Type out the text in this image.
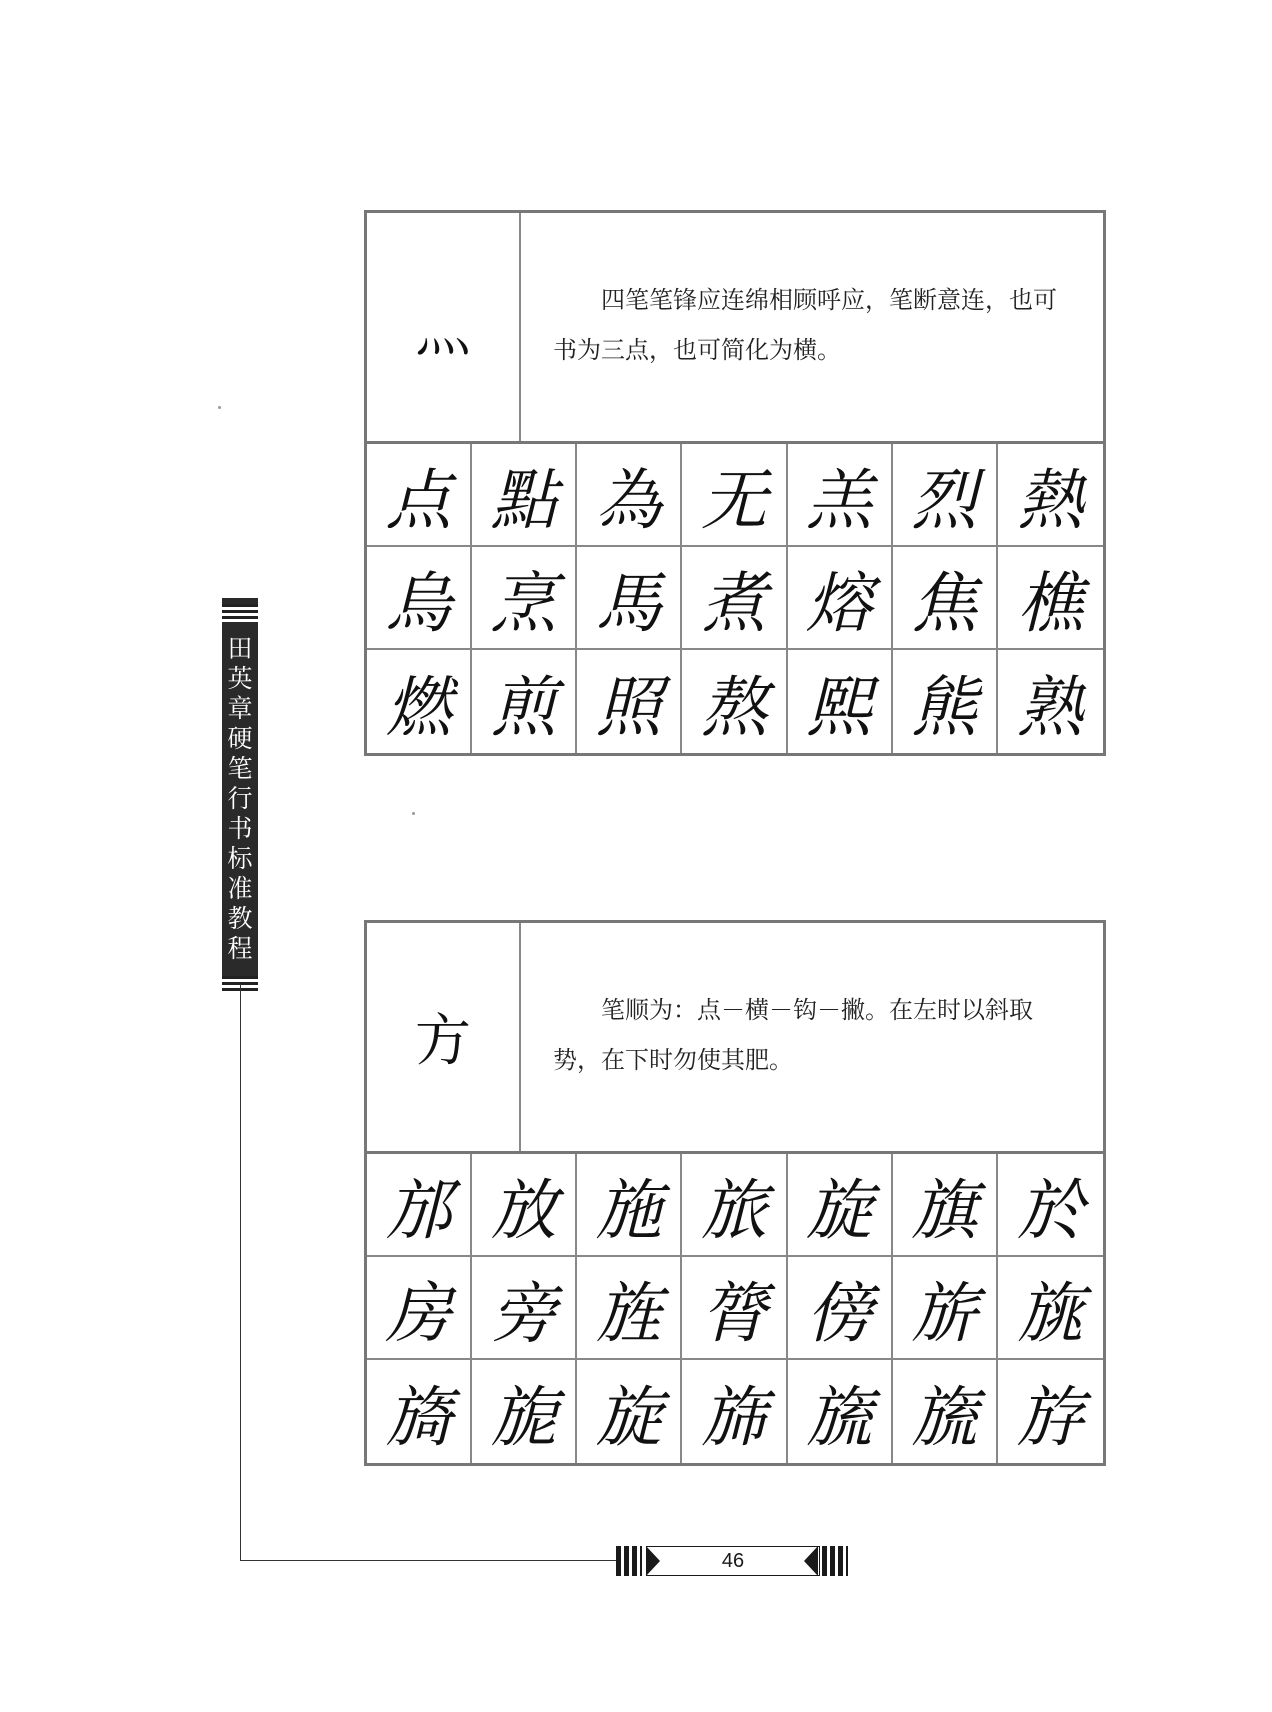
田
英
章
硬
笔
行
书
标
准
教
程
46
灬	四笔笔锋应连绵相顾呼应，笔断意连，也可书为三点，也可简化为横。
点 點 為 无 羔 烈 熱
烏 烹 馬 煮 熔 焦 樵
燃 煎 照 熬 熙 熊 熟
方	笔顺为：点－横－钩－撇。在左时以斜取势，在下时勿使其肥。
邡 放 施 旅 旋 旗 於
房 旁 旌 膂 傍 旂 旐
旖 旎 旋 旆 旒 旒 斿
